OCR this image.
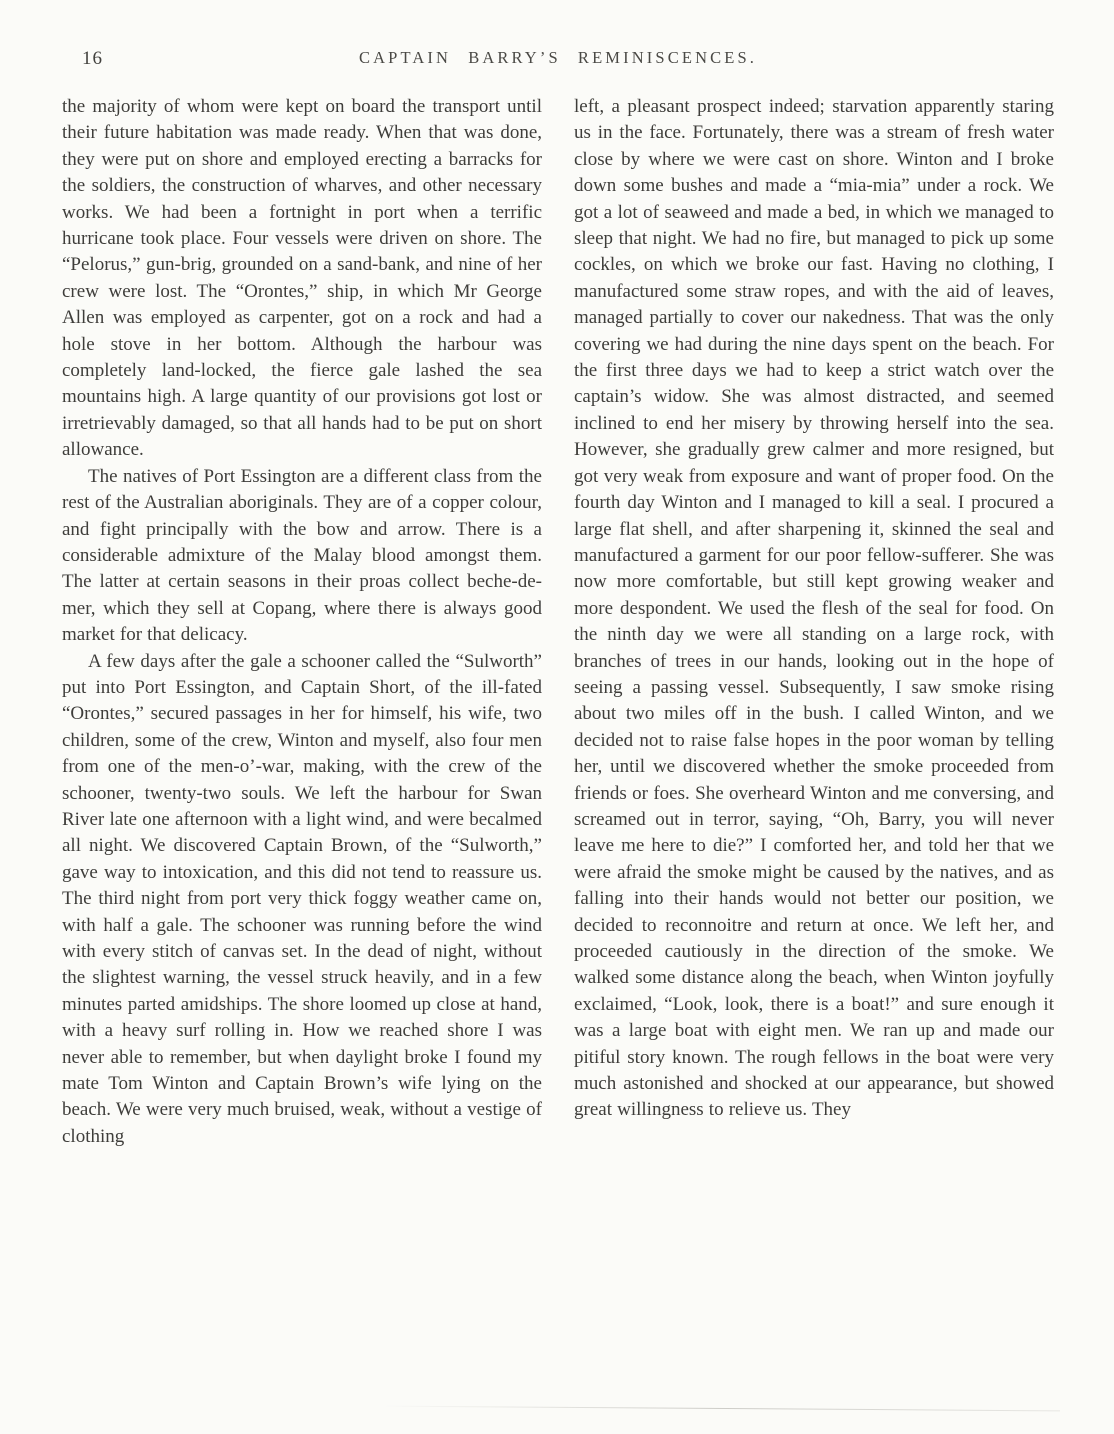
16	CAPTAIN BARRY’S REMINISCENCES.

the majority of whom were kept on board the transport until their future habitation was made ready. When that was done, they were put on shore and employed erecting a barracks for the soldiers, the construction of wharves, and other necessary works. We had been a fortnight in port when a terrific hurricane took place. Four vessels were driven on shore. The “Pelorus,” gun-brig, grounded on a sand-bank, and nine of her crew were lost. The “Orontes,” ship, in which Mr George Allen was employed as carpenter, got on a rock and had a hole stove in her bottom. Although the harbour was completely land-locked, the fierce gale lashed the sea mountains high. A large quantity of our provisions got lost or irretrievably damaged, so that all hands had to be put on short allowance.

The natives of Port Essington are a different class from the rest of the Australian aboriginals. They are of a copper colour, and fight principally with the bow and arrow. There is a considerable admixture of the Malay blood amongst them. The latter at certain seasons in their proas collect beche-de-mer, which they sell at Copang, where there is always good market for that delicacy.

A few days after the gale a schooner called the “Sulworth” put into Port Essington, and Captain Short, of the ill-fated “Orontes,” secured passages in her for himself, his wife, two children, some of the crew, Winton and myself, also four men from one of the men-o’-war, making, with the crew of the schooner, twenty-two souls. We left the harbour for Swan River late one afternoon with a light wind, and were becalmed all night. We discovered Captain Brown, of the “Sulworth,” gave way to intoxication, and this did not tend to reassure us. The third night from port very thick foggy weather came on, with half a gale. The schooner was running before the wind with every stitch of canvas set. In the dead of night, without the slightest warning, the vessel struck heavily, and in a few minutes parted amidships. The shore loomed up close at hand, with a heavy surf rolling in. How we reached shore I was never able to remember, but when daylight broke I found my mate Tom Winton and Captain Brown’s wife lying on the beach. We were very much bruised, weak, without a vestige of clothing

left, a pleasant prospect indeed; starvation apparently staring us in the face. Fortunately, there was a stream of fresh water close by where we were cast on shore. Winton and I broke down some bushes and made a “mia-mia” under a rock. We got a lot of seaweed and made a bed, in which we managed to sleep that night. We had no fire, but managed to pick up some cockles, on which we broke our fast. Having no clothing, I manufactured some straw ropes, and with the aid of leaves, managed partially to cover our nakedness. That was the only covering we had during the nine days spent on the beach. For the first three days we had to keep a strict watch over the captain’s widow. She was almost distracted, and seemed inclined to end her misery by throwing herself into the sea. However, she gradually grew calmer and more resigned, but got very weak from exposure and want of proper food. On the fourth day Winton and I managed to kill a seal. I procured a large flat shell, and after sharpening it, skinned the seal and manufactured a garment for our poor fellow-sufferer. She was now more comfortable, but still kept growing weaker and more despondent. We used the flesh of the seal for food. On the ninth day we were all standing on a large rock, with branches of trees in our hands, looking out in the hope of seeing a passing vessel. Subsequently, I saw smoke rising about two miles off in the bush. I called Winton, and we decided not to raise false hopes in the poor woman by telling her, until we discovered whether the smoke proceeded from friends or foes. She overheard Winton and me conversing, and screamed out in terror, saying, “Oh, Barry, you will never leave me here to die?” I comforted her, and told her that we were afraid the smoke might be caused by the natives, and as falling into their hands would not better our position, we decided to reconnoitre and return at once. We left her, and proceeded cautiously in the direction of the smoke. We walked some distance along the beach, when Winton joyfully exclaimed, “Look, look, there is a boat!” and sure enough it was a large boat with eight men. We ran up and made our pitiful story known. The rough fellows in the boat were very much astonished and shocked at our appearance, but showed great willingness to relieve us. They
